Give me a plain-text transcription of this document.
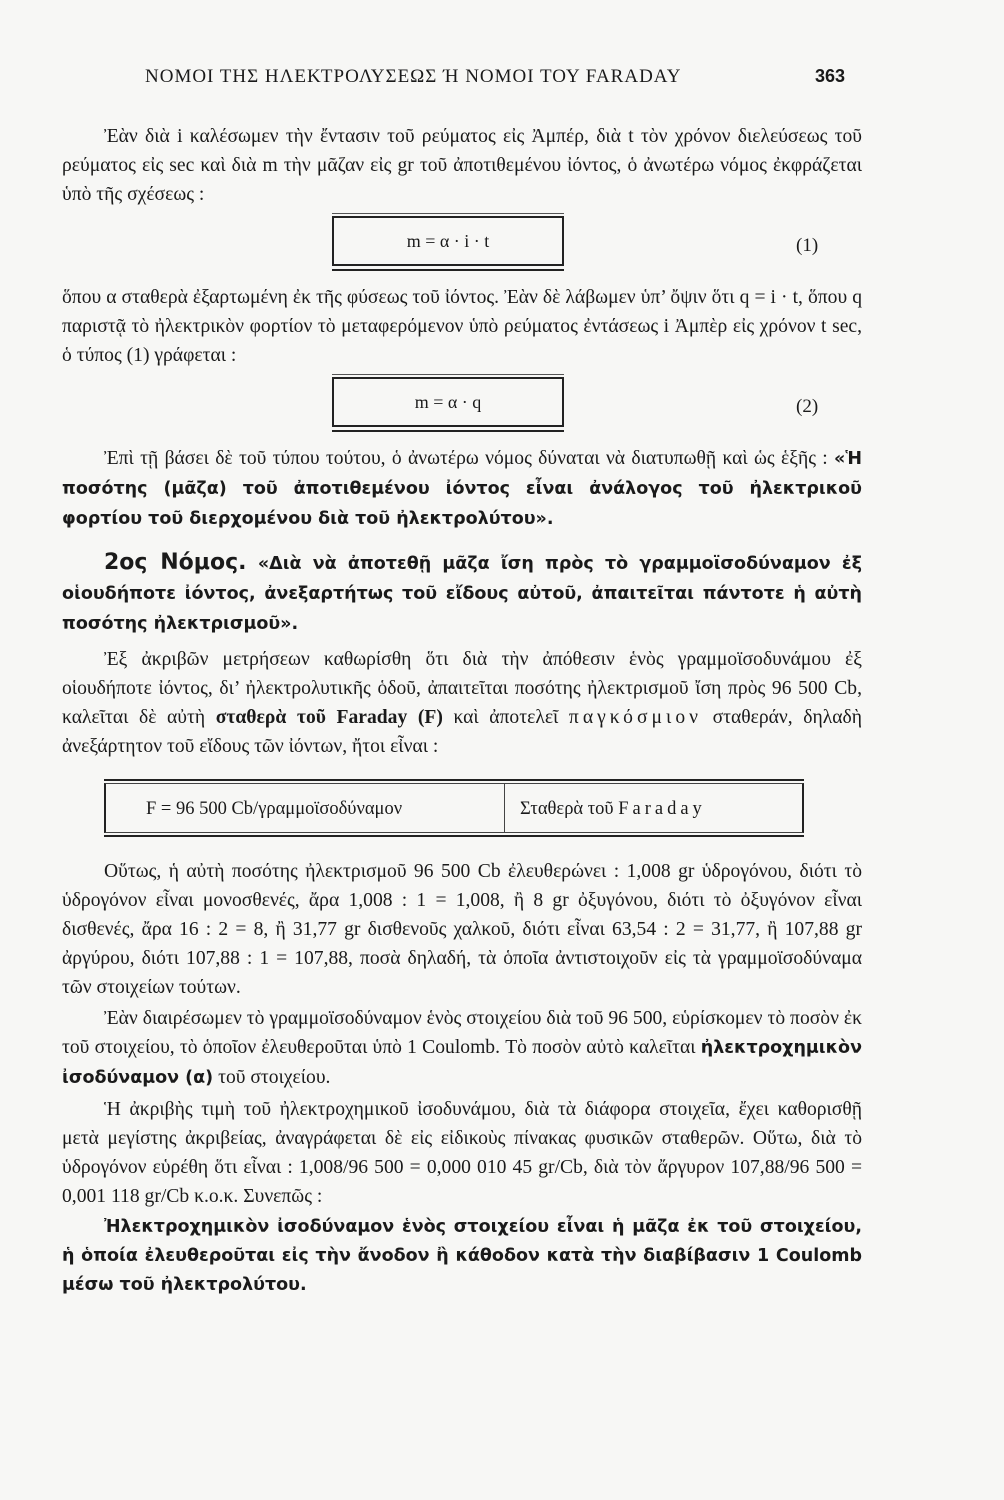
ΝΟΜΟΙ ΤΗΣ ΗΛΕΚΤΡΟΛΥΣΕΩΣ Ή ΝΟΜΟΙ ΤΟΥ FARADAY	363

Ἐὰν διὰ i καλέσωμεν τὴν ἔντασιν τοῦ ρεύματος εἰς Ἀμπέρ, διὰ t τὸν χρόνον διελεύσεως τοῦ ρεύματος εἰς sec καὶ διὰ m τὴν μᾶζαν εἰς gr τοῦ ἀποτιθεμένου ἰόντος, ὁ ἀνωτέρω νόμος ἐκφράζεται ὑπὸ τῆς σχέσεως :

m = α · i · t	(1)

ὅπου α σταθερὰ ἐξαρτωμένη ἐκ τῆς φύσεως τοῦ ἰόντος. Ἐὰν δὲ λάβωμεν ὑπ’ ὄψιν ὅτι q = i · t, ὅπου q παριστᾷ τὸ ἠλεκτρικὸν φορτίον τὸ μεταφερόμενον ὑπὸ ρεύματος ἐντάσεως i Ἀμπὲρ εἰς χρόνον t sec, ὁ τύπος (1) γράφεται :

m = α · q	(2)

Ἐπὶ τῇ βάσει δὲ τοῦ τύπου τούτου, ὁ ἀνωτέρω νόμος δύναται νὰ διατυπωθῇ καὶ ὡς ἑξῆς : «Ἡ ποσότης (μᾶζα) τοῦ ἀποτιθεμένου ἰόντος εἶναι ἀνάλογος τοῦ ἠλεκτρικοῦ φορτίου τοῦ διερχομένου διὰ τοῦ ἠλεκτρολύτου».

2ος Νόμος. «Διὰ νὰ ἀποτεθῇ μᾶζα ἴση πρὸς τὸ γραμμοϊσοδύναμον ἐξ οἱουδήποτε ἰόντος, ἀνεξαρτήτως τοῦ εἴδους αὐτοῦ, ἀπαιτεῖται πάντοτε ἡ αὐτὴ ποσότης ἠλεκτρισμοῦ».

Ἐξ ἀκριβῶν μετρήσεων καθωρίσθη ὅτι διὰ τὴν ἀπόθεσιν ἑνὸς γραμμοϊσοδυνάμου ἐξ οἱουδήποτε ἰόντος, δι’ ἠλεκτρολυτικῆς ὁδοῦ, ἀπαιτεῖται ποσότης ἠλεκτρισμοῦ ἴση πρὸς 96 500 Cb, καλεῖται δὲ αὐτὴ σταθερὰ τοῦ Faraday (F) καὶ ἀποτελεῖ παγκόσμιον σταθεράν, δηλαδὴ ἀνεξάρτητον τοῦ εἴδους τῶν ἰόντων, ἤτοι εἶναι :

F = 96 500 Cb/γραμμοϊσοδύναμον	Σταθερὰ τοῦ Faraday

Οὕτως, ἡ αὐτὴ ποσότης ἠλεκτρισμοῦ 96 500 Cb ἐλευθερώνει : 1,008 gr ὑδρογόνου, διότι τὸ ὑδρογόνον εἶναι μονοσθενές, ἄρα 1,008 : 1 = 1,008, ἢ 8 gr ὀξυγόνου, διότι τὸ ὀξυγόνον εἶναι δισθενές, ἄρα 16 : 2 = 8, ἢ 31,77 gr δισθενοῦς χαλκοῦ, διότι εἶναι 63,54 : 2 = 31,77, ἢ 107,88 gr ἀργύρου, διότι 107,88 : 1 = 107,88, ποσὰ δηλαδή, τὰ ὁποῖα ἀντιστοιχοῦν εἰς τὰ γραμμοϊσοδύναμα τῶν στοιχείων τούτων.

Ἐὰν διαιρέσωμεν τὸ γραμμοϊσοδύναμον ἑνὸς στοιχείου διὰ τοῦ 96 500, εὑρίσκομεν τὸ ποσὸν ἐκ τοῦ στοιχείου, τὸ ὁποῖον ἐλευθεροῦται ὑπὸ 1 Coulomb. Τὸ ποσὸν αὐτὸ καλεῖται ἠλεκτροχημικὸν ἰσοδύναμον (α) τοῦ στοιχείου.

Ἡ ἀκριβὴς τιμὴ τοῦ ἠλεκτροχημικοῦ ἰσοδυνάμου, διὰ τὰ διάφορα στοιχεῖα, ἔχει καθορισθῇ μετὰ μεγίστης ἀκριβείας, ἀναγράφεται δὲ εἰς εἰδικοὺς πίνακας φυσικῶν σταθερῶν. Οὕτω, διὰ τὸ ὑδρογόνον εὑρέθη ὅτι εἶναι : 1,008/96 500 = 0,000 010 45 gr/Cb, διὰ τὸν ἄργυρον 107,88/96 500 = 0,001 118 gr/Cb κ.ο.κ. Συνεπῶς :

Ἠλεκτροχημικὸν ἰσοδύναμον ἑνὸς στοιχείου εἶναι ἡ μᾶζα ἐκ τοῦ στοιχείου, ἡ ὁποία ἐλευθεροῦται εἰς τὴν ἄνοδον ἢ κάθοδον κατὰ τὴν διαβίβασιν 1 Coulomb μέσω τοῦ ἠλεκτρολύτου.
